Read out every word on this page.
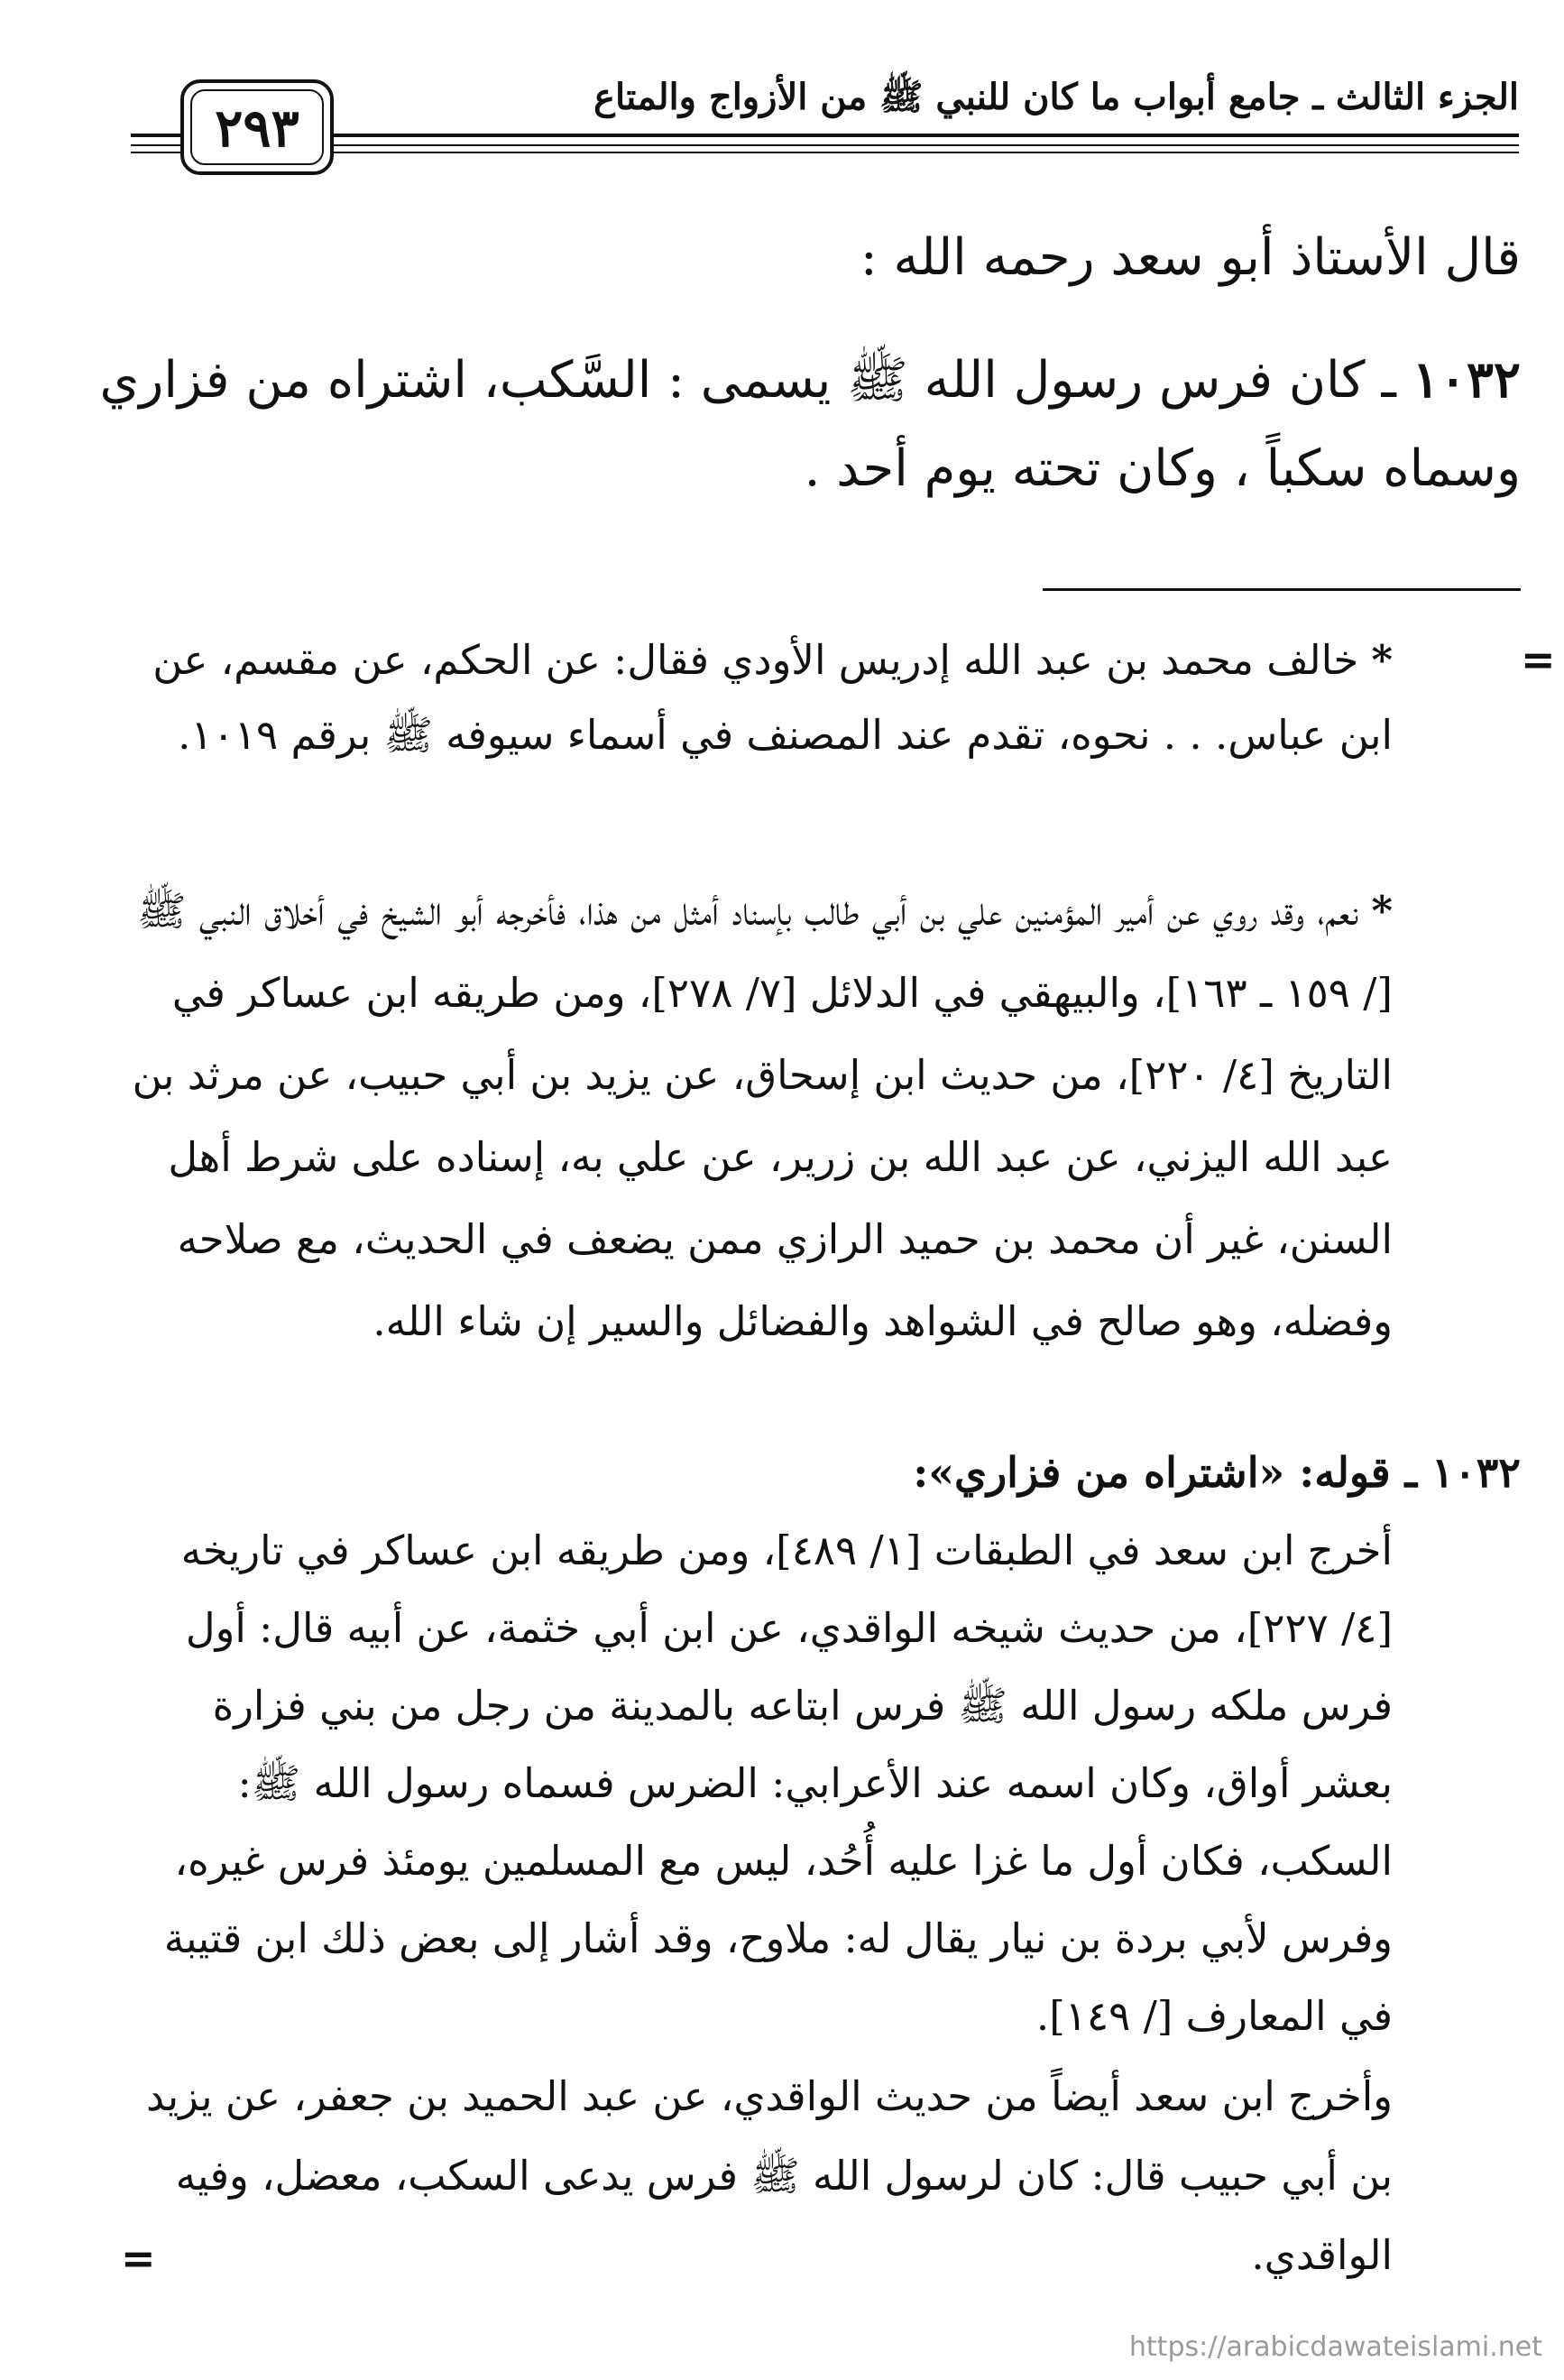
الجزء الثالث ـ جامع أبواب ما كان للنبي ﷺ من الأزواج والمتاع
٢٩٣
قال الأستاذ أبو سعد رحمه الله :
١٠٣٢ ـ كان فرس رسول الله ﷺ يسمى : السَّكب، اشتراه من فزاري
وسماه سكباً ، وكان تحته يوم أحد .
=
* خالف محمد بن عبد الله إدريس الأودي فقال: عن الحكم، عن مقسم، عن ابن عباس. . . نحوه، تقدم عند المصنف في أسماء سيوفه ﷺ برقم ١٠١٩.
* نعم، وقد روي عن أمير المؤمنين علي بن أبي طالب بإسناد أمثل من هذا، فأخرجه أبو الشيخ في أخلاق النبي ﷺ [/ ١٥٩ ـ ١٦٣]، والبيهقي في الدلائل [٧/ ٢٧٨]، ومن طريقه ابن عساكر في التاريخ [٤/ ٢٢٠]، من حديث ابن إسحاق، عن يزيد بن أبي حبيب، عن مرثد بن عبد الله اليزني، عن عبد الله بن زرير، عن علي به، إسناده على شرط أهل السنن، غير أن محمد بن حميد الرازي ممن يضعف في الحديث، مع صلاحه وفضله، وهو صالح في الشواهد والفضائل والسير إن شاء الله.
١٠٣٢ ـ قوله: «اشتراه من فزاري»:
أخرج ابن سعد في الطبقات [١/ ٤٨٩]، ومن طريقه ابن عساكر في تاريخه [٤/ ٢٢٧]، من حديث شيخه الواقدي، عن ابن أبي خثمة، عن أبيه قال: أول فرس ملكه رسول الله ﷺ فرس ابتاعه بالمدينة من رجل من بني فزارة بعشر أواق، وكان اسمه عند الأعرابي: الضرس فسماه رسول الله ﷺ: السكب، فكان أول ما غزا عليه أُحُد، ليس مع المسلمين يومئذ فرس غيره، وفرس لأبي بردة بن نيار يقال له: ملاوح، وقد أشار إلى بعض ذلك ابن قتيبة في المعارف [/ ١٤٩].
وأخرج ابن سعد أيضاً من حديث الواقدي، عن عبد الحميد بن جعفر، عن يزيد بن أبي حبيب قال: كان لرسول الله ﷺ فرس يدعى السكب، معضل، وفيه الواقدي.
=
https://arabicdawateislami.net
